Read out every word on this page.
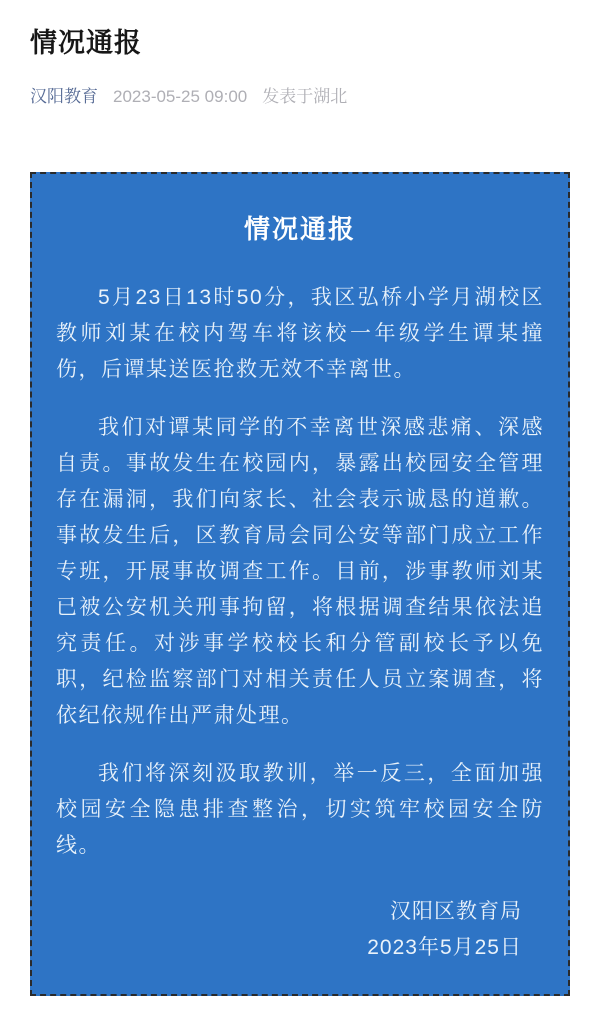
情况通报
汉阳教育 2023-05-25 09:00 发表于湖北
情况通报

5月23日13时50分，我区弘桥小学月湖校区教师刘某在校内驾车将该校一年级学生谭某撞伤，后谭某送医抢救无效不幸离世。

我们对谭某同学的不幸离世深感悲痛、深感自责。事故发生在校园内，暴露出校园安全管理存在漏洞，我们向家长、社会表示诚恳的道歉。事故发生后，区教育局会同公安等部门成立工作专班，开展事故调查工作。目前，涉事教师刘某已被公安机关刑事拘留，将根据调查结果依法追究责任。对涉事学校校长和分管副校长予以免职，纪检监察部门对相关责任人员立案调查，将依纪依规作出严肃处理。

我们将深刻汲取教训，举一反三，全面加强校园安全隐患排查整治，切实筑牢校园安全防线。

汉阳区教育局
2023年5月25日
